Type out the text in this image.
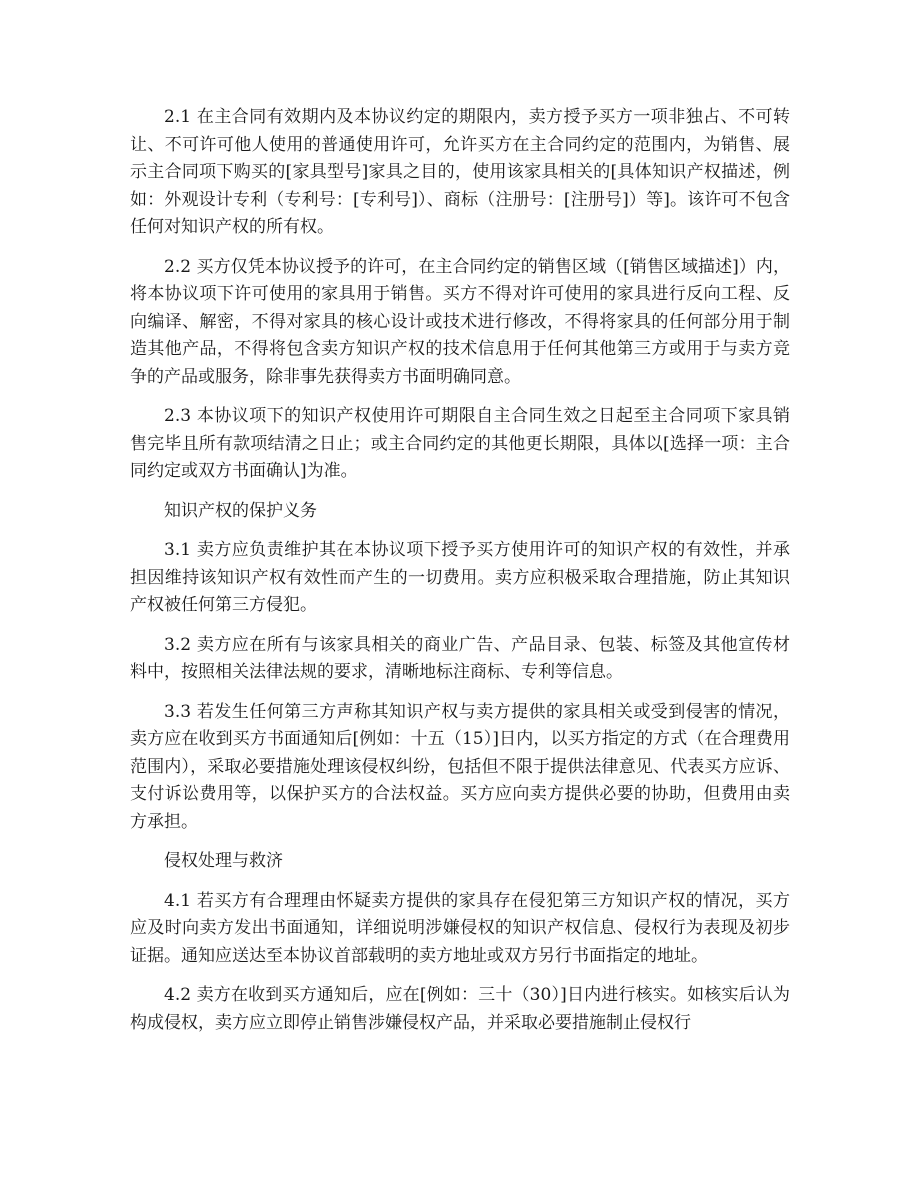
2.1 在主合同有效期内及本协议约定的期限内，卖方授予买方一项非独占、不可转让、不可许可他人使用的普通使用许可，允许买方在主合同约定的范围内，为销售、展示主合同项下购买的[家具型号]家具之目的，使用该家具相关的[具体知识产权描述，例如：外观设计专利（专利号：[专利号]）、商标（注册号：[注册号]）等]。该许可不包含任何对知识产权的所有权。

2.2 买方仅凭本协议授予的许可，在主合同约定的销售区域（[销售区域描述]）内，将本协议项下许可使用的家具用于销售。买方不得对许可使用的家具进行反向工程、反向编译、解密，不得对家具的核心设计或技术进行修改，不得将家具的任何部分用于制造其他产品，不得将包含卖方知识产权的技术信息用于任何其他第三方或用于与卖方竞争的产品或服务，除非事先获得卖方书面明确同意。

2.3 本协议项下的知识产权使用许可期限自主合同生效之日起至主合同项下家具销售完毕且所有款项结清之日止；或主合同约定的其他更长期限，具体以[选择一项：主合同约定或双方书面确认]为准。

知识产权的保护义务

3.1 卖方应负责维护其在本协议项下授予买方使用许可的知识产权的有效性，并承担因维持该知识产权有效性而产生的一切费用。卖方应积极采取合理措施，防止其知识产权被任何第三方侵犯。

3.2 卖方应在所有与该家具相关的商业广告、产品目录、包装、标签及其他宣传材料中，按照相关法律法规的要求，清晰地标注商标、专利等信息。

3.3 若发生任何第三方声称其知识产权与卖方提供的家具相关或受到侵害的情况，卖方应在收到买方书面通知后[例如：十五（15）]日内，以买方指定的方式（在合理费用范围内），采取必要措施处理该侵权纠纷，包括但不限于提供法律意见、代表买方应诉、支付诉讼费用等，以保护买方的合法权益。买方应向卖方提供必要的协助，但费用由卖方承担。

侵权处理与救济

4.1 若买方有合理理由怀疑卖方提供的家具存在侵犯第三方知识产权的情况，买方应及时向卖方发出书面通知，详细说明涉嫌侵权的知识产权信息、侵权行为表现及初步证据。通知应送达至本协议首部载明的卖方地址或双方另行书面指定的地址。

4.2 卖方在收到买方通知后，应在[例如：三十（30）]日内进行核实。如核实后认为构成侵权，卖方应立即停止销售涉嫌侵权产品，并采取必要措施制止侵权行
